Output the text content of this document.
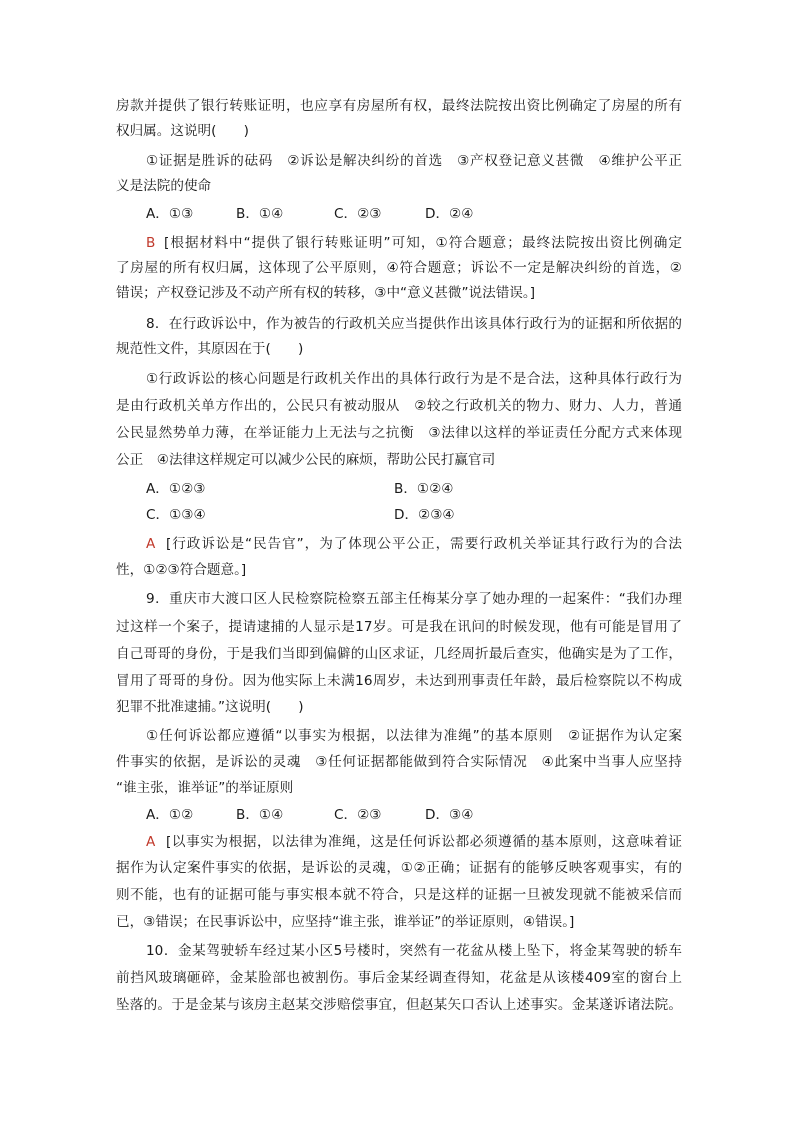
房款并提供了银行转账证明，也应享有房屋所有权，最终法院按出资比例确定了房屋的所有
权归属。这说明(　　)
①证据是胜诉的砝码　②诉讼是解决纠纷的首选　③产权登记意义甚微　④维护公平正
义是法院的使命
A．①③	B．①④	C．②③	D．②④
B [根据材料中“提供了银行转账证明”可知，①符合题意；最终法院按出资比例确定
了房屋的所有权归属，这体现了公平原则，④符合题意；诉讼不一定是解决纠纷的首选，②
错误；产权登记涉及不动产所有权的转移，③中“意义甚微”说法错误。]
8．在行政诉讼中，作为被告的行政机关应当提供作出该具体行政行为的证据和所依据的
规范性文件，其原因在于(　　)
①行政诉讼的核心问题是行政机关作出的具体行政行为是不是合法，这种具体行政行为
是由行政机关单方作出的，公民只有被动服从　②较之行政机关的物力、财力、人力，普通
公民显然势单力薄，在举证能力上无法与之抗衡　③法律以这样的举证责任分配方式来体现
公正　④法律这样规定可以减少公民的麻烦，帮助公民打赢官司
A．①②③	B．①②④
C．①③④	D．②③④
A [行政诉讼是“民告官”，为了体现公平公正，需要行政机关举证其行政行为的合法
性，①②③符合题意。]
9．重庆市大渡口区人民检察院检察五部主任梅某分享了她办理的一起案件：“我们办理
过这样一个案子，提请逮捕的人显示是17岁。可是我在讯问的时候发现，他有可能是冒用了
自己哥哥的身份，于是我们当即到偏僻的山区求证，几经周折最后查实，他确实是为了工作，
冒用了哥哥的身份。因为他实际上未满16周岁，未达到刑事责任年龄，最后检察院以不构成
犯罪不批准逮捕。”这说明(　　)
①任何诉讼都应遵循“以事实为根据，以法律为准绳”的基本原则　②证据作为认定案
件事实的依据，是诉讼的灵魂　③任何证据都能做到符合实际情况　④此案中当事人应坚持
“谁主张，谁举证”的举证原则
A．①②	B．①④	C．②③	D．③④
A [以事实为根据，以法律为准绳，这是任何诉讼都必须遵循的基本原则，这意味着证
据作为认定案件事实的依据，是诉讼的灵魂，①②正确；证据有的能够反映客观事实，有的
则不能，也有的证据可能与事实根本就不符合，只是这样的证据一旦被发现就不能被采信而
已，③错误；在民事诉讼中，应坚持“谁主张，谁举证”的举证原则，④错误。]
10．金某驾驶轿车经过某小区5号楼时，突然有一花盆从楼上坠下，将金某驾驶的轿车
前挡风玻璃砸碎，金某脸部也被割伤。事后金某经调查得知，花盆是从该楼409室的窗台上
坠落的。于是金某与该房主赵某交涉赔偿事宜，但赵某矢口否认上述事实。金某遂诉诸法院。
